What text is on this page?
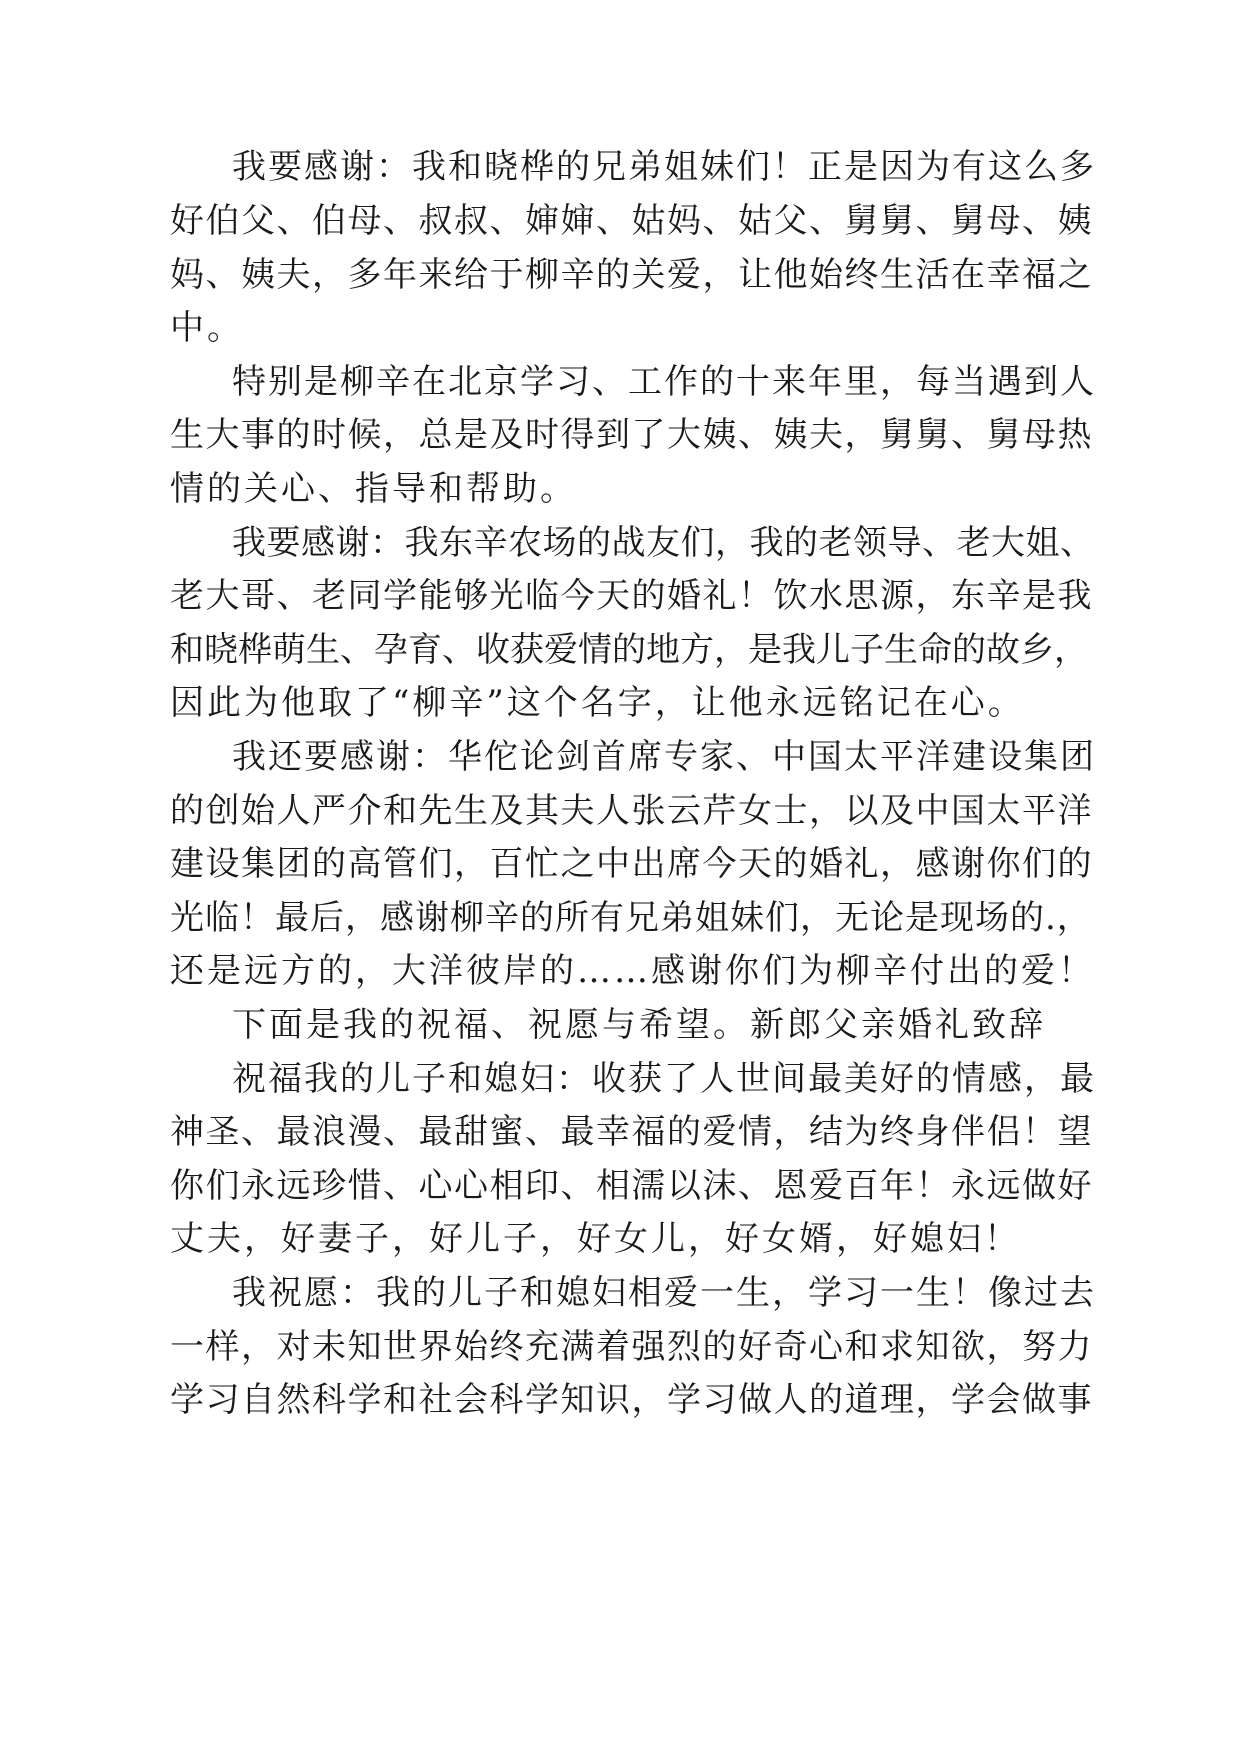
我要感谢：我和晓桦的兄弟姐妹们！正是因为有这么多
好伯父、伯母、叔叔、婶婶、姑妈、姑父、舅舅、舅母、姨
妈、姨夫，多年来给于柳辛的关爱，让他始终生活在幸福之
中。
特别是柳辛在北京学习、工作的十来年里，每当遇到人
生大事的时候，总是及时得到了大姨、姨夫，舅舅、舅母热
情的关心、指导和帮助。
我要感谢：我东辛农场的战友们，我的老领导、老大姐、
老大哥、老同学能够光临今天的婚礼！饮水思源，东辛是我
和晓桦萌生、孕育、收获爱情的地方，是我儿子生命的故乡，
因此为他取了“柳辛”这个名字，让他永远铭记在心。
我还要感谢：华佗论剑首席专家、中国太平洋建设集团
的创始人严介和先生及其夫人张云芹女士，以及中国太平洋
建设集团的高管们，百忙之中出席今天的婚礼，感谢你们的
光临！最后，感谢柳辛的所有兄弟姐妹们，无论是现场的.，
还是远方的，大洋彼岸的……感谢你们为柳辛付出的爱！
下面是我的祝福、祝愿与希望。新郎父亲婚礼致辞
祝福我的儿子和媳妇：收获了人世间最美好的情感，最
神圣、最浪漫、最甜蜜、最幸福的爱情，结为终身伴侣！望
你们永远珍惜、心心相印、相濡以沫、恩爱百年！永远做好
丈夫，好妻子，好儿子，好女儿，好女婿，好媳妇！
我祝愿：我的儿子和媳妇相爱一生，学习一生！像过去
一样，对未知世界始终充满着强烈的好奇心和求知欲，努力
学习自然科学和社会科学知识，学习做人的道理，学会做事
